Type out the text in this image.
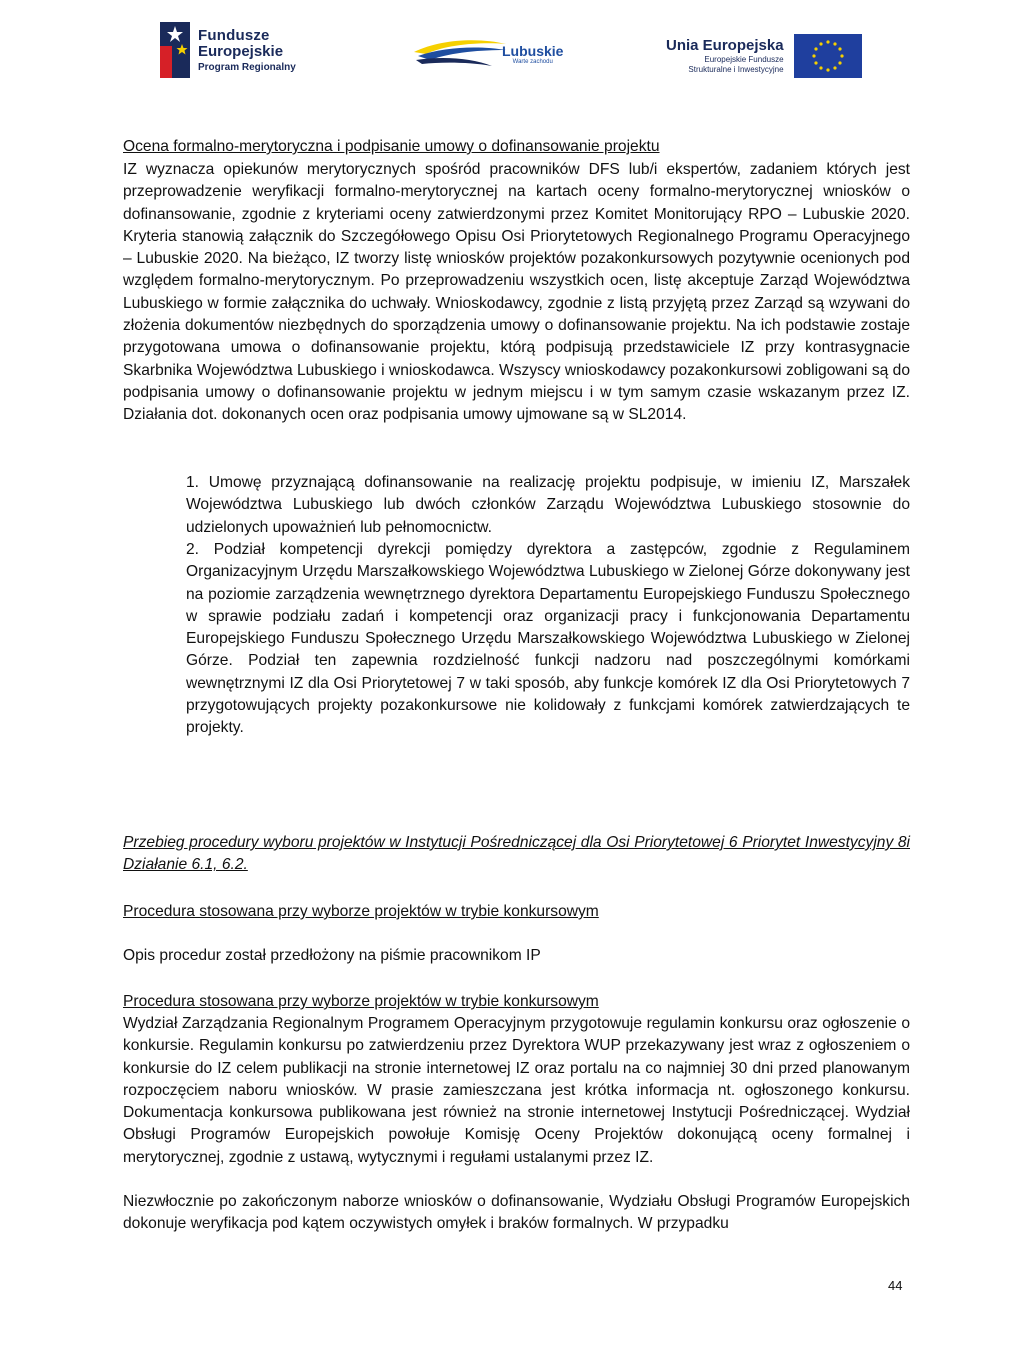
Fundusze
Europejskie
Program Regionalny
Lubuskie
Warte zachodu
Unia Europejska
Europejskie Fundusze
Strukturalne i Inwestycyjne

Ocena formalno-merytoryczna i podpisanie umowy o dofinansowanie projektu

IZ wyznacza opiekunów merytorycznych spośród pracowników DFS lub/i ekspertów, zadaniem których jest przeprowadzenie weryfikacji formalno-merytorycznej na kartach oceny formalno-merytorycznej wniosków o dofinansowanie, zgodnie z kryteriami oceny zatwierdzonymi przez Komitet Monitorujący RPO – Lubuskie 2020. Kryteria stanowią załącznik do Szczegółowego Opisu Osi Priorytetowych Regionalnego Programu Operacyjnego – Lubuskie 2020. Na bieżąco, IZ tworzy listę wniosków projektów pozakonkursowych pozytywnie ocenionych pod względem formalno-merytorycznym. Po przeprowadzeniu wszystkich ocen, listę akceptuje Zarząd Województwa Lubuskiego w formie załącznika do uchwały. Wnioskodawcy, zgodnie z listą przyjętą przez Zarząd są wzywani do złożenia dokumentów niezbędnych do sporządzenia umowy o dofinansowanie projektu. Na ich podstawie zostaje przygotowana umowa o dofinansowanie projektu, którą podpisują przedstawiciele IZ przy kontrasygnacie Skarbnika Województwa Lubuskiego i wnioskodawca. Wszyscy wnioskodawcy pozakonkursowi zobligowani są do podpisania umowy o dofinansowanie projektu w jednym miejscu i w tym samym czasie wskazanym przez IZ. Działania dot. dokonanych ocen oraz podpisania umowy ujmowane są w SL2014.

1. Umowę przyznającą dofinansowanie na realizację projektu podpisuje, w imieniu IZ, Marszałek Województwa Lubuskiego lub dwóch członków Zarządu Województwa Lubuskiego stosownie do udzielonych upoważnień lub pełnomocnictw.

2. Podział kompetencji dyrekcji pomiędzy dyrektora a zastępców, zgodnie z Regulaminem Organizacyjnym Urzędu Marszałkowskiego Województwa Lubuskiego w Zielonej Górze dokonywany jest na poziomie zarządzenia wewnętrznego dyrektora Departamentu Europejskiego Funduszu Społecznego w sprawie podziału zadań i kompetencji oraz organizacji pracy i funkcjonowania Departamentu Europejskiego Funduszu Społecznego Urzędu Marszałkowskiego Województwa Lubuskiego w Zielonej Górze. Podział ten zapewnia rozdzielność funkcji nadzoru nad poszczególnymi komórkami wewnętrznymi IZ dla Osi Priorytetowej 7 w taki sposób, aby funkcje komórek IZ dla Osi Priorytetowych 7 przygotowujących projekty pozakonkursowe nie kolidowały z funkcjami komórek zatwierdzających te projekty.

Przebieg procedury wyboru projektów w Instytucji Pośredniczącej dla Osi Priorytetowej 6 Priorytet Inwestycyjny 8i Działanie 6.1, 6.2.

Procedura stosowana przy wyborze projektów w trybie konkursowym

Opis procedur został przedłożony na piśmie pracownikom IP

Procedura stosowana przy wyborze projektów w trybie konkursowym

Wydział Zarządzania Regionalnym Programem Operacyjnym przygotowuje regulamin konkursu oraz ogłoszenie o konkursie. Regulamin konkursu po zatwierdzeniu przez Dyrektora WUP przekazywany jest wraz z ogłoszeniem o konkursie do IZ celem publikacji na stronie internetowej IZ oraz portalu na co najmniej 30 dni przed planowanym rozpoczęciem naboru wniosków. W prasie zamieszczana jest krótka informacja nt. ogłoszonego konkursu. Dokumentacja konkursowa publikowana jest również na stronie internetowej Instytucji Pośredniczącej. Wydział Obsługi Programów Europejskich powołuje Komisję Oceny Projektów dokonującą oceny formalnej i merytorycznej, zgodnie z ustawą, wytycznymi i regułami ustalanymi przez IZ.

Niezwłocznie po zakończonym naborze wniosków o dofinansowanie, Wydziału Obsługi Programów Europejskich dokonuje weryfikacja pod kątem oczywistych omyłek i braków formalnych. W przypadku

44
